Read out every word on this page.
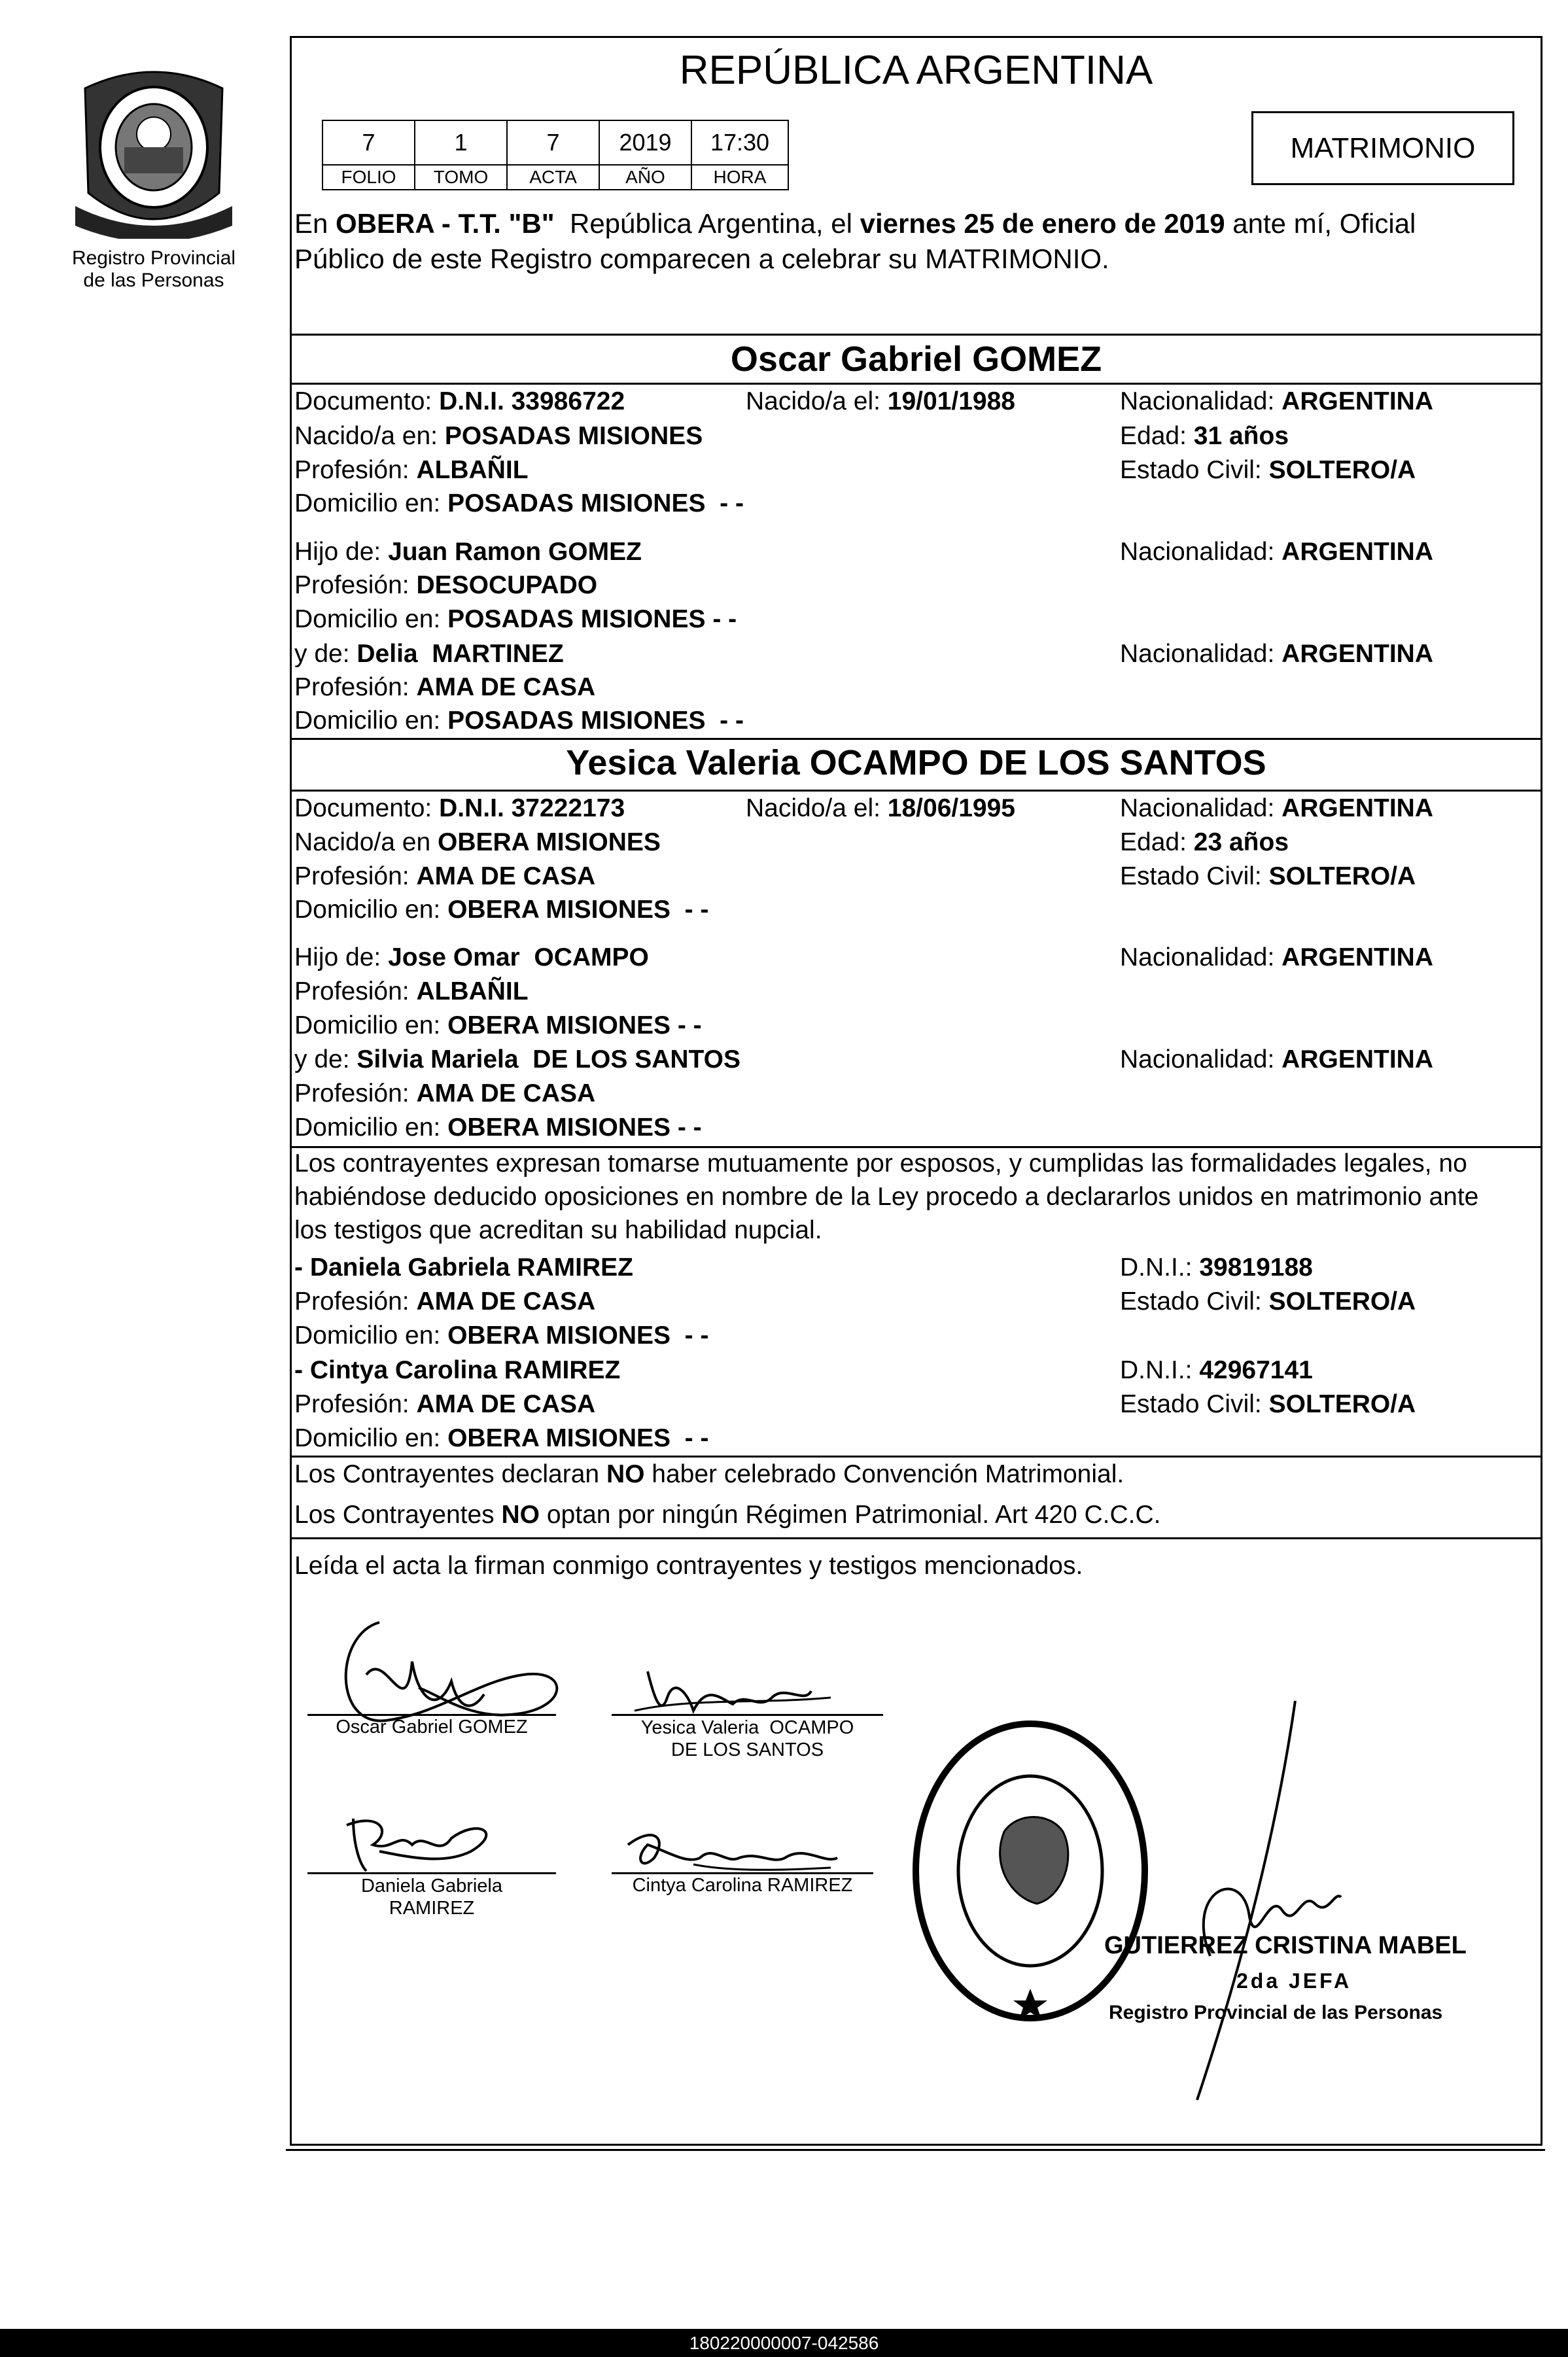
Registro Provincial
de las Personas
REPÚBLICA ARGENTINA
7	1	7	2019	17:30
FOLIO	TOMO	ACTA	AÑO	HORA
MATRIMONIO
En OBERA - T.T. "B"  República Argentina, el viernes 25 de enero de 2019 ante mí, Oficial
Público de este Registro comparecen a celebrar su MATRIMONIO.
Oscar Gabriel GOMEZ
Documento: D.N.I. 33986722	Nacido/a el: 19/01/1988	Nacionalidad: ARGENTINA
Nacido/a en: POSADAS MISIONES	Edad: 31 años
Profesión: ALBAÑIL	Estado Civil: SOLTERO/A
Domicilio en: POSADAS MISIONES  - -
Hijo de: Juan Ramon GOMEZ	Nacionalidad: ARGENTINA
Profesión: DESOCUPADO
Domicilio en: POSADAS MISIONES - -
y de: Delia  MARTINEZ	Nacionalidad: ARGENTINA
Profesión: AMA DE CASA
Domicilio en: POSADAS MISIONES  - -
Yesica Valeria OCAMPO DE LOS SANTOS
Documento: D.N.I. 37222173	Nacido/a el: 18/06/1995	Nacionalidad: ARGENTINA
Nacido/a en OBERA MISIONES	Edad: 23 años
Profesión: AMA DE CASA	Estado Civil: SOLTERO/A
Domicilio en: OBERA MISIONES  - -
Hijo de: Jose Omar  OCAMPO	Nacionalidad: ARGENTINA
Profesión: ALBAÑIL
Domicilio en: OBERA MISIONES - -
y de: Silvia Mariela  DE LOS SANTOS	Nacionalidad: ARGENTINA
Profesión: AMA DE CASA
Domicilio en: OBERA MISIONES - -
Los contrayentes expresan tomarse mutuamente por esposos, y cumplidas las formalidades legales, no
habiéndose deducido oposiciones en nombre de la Ley procedo a declararlos unidos en matrimonio ante
los testigos que acreditan su habilidad nupcial.
- Daniela Gabriela RAMIREZ	D.N.I.: 39819188
Profesión: AMA DE CASA	Estado Civil: SOLTERO/A
Domicilio en: OBERA MISIONES  - -
- Cintya Carolina RAMIREZ	D.N.I.: 42967141
Profesión: AMA DE CASA	Estado Civil: SOLTERO/A
Domicilio en: OBERA MISIONES  - -
Los Contrayentes declaran NO haber celebrado Convención Matrimonial.
Los Contrayentes NO optan por ningún Régimen Patrimonial. Art 420 C.C.C.
Leída el acta la firman conmigo contrayentes y testigos mencionados.
Oscar Gabriel GOMEZ	Yesica Valeria  OCAMPO
DE LOS SANTOS
Daniela Gabriela
RAMIREZ
Cintya Carolina RAMIREZ
GUTIERREZ CRISTINA MABEL
2da JEFA
Registro Provincial de las Personas
180220000007-042586
